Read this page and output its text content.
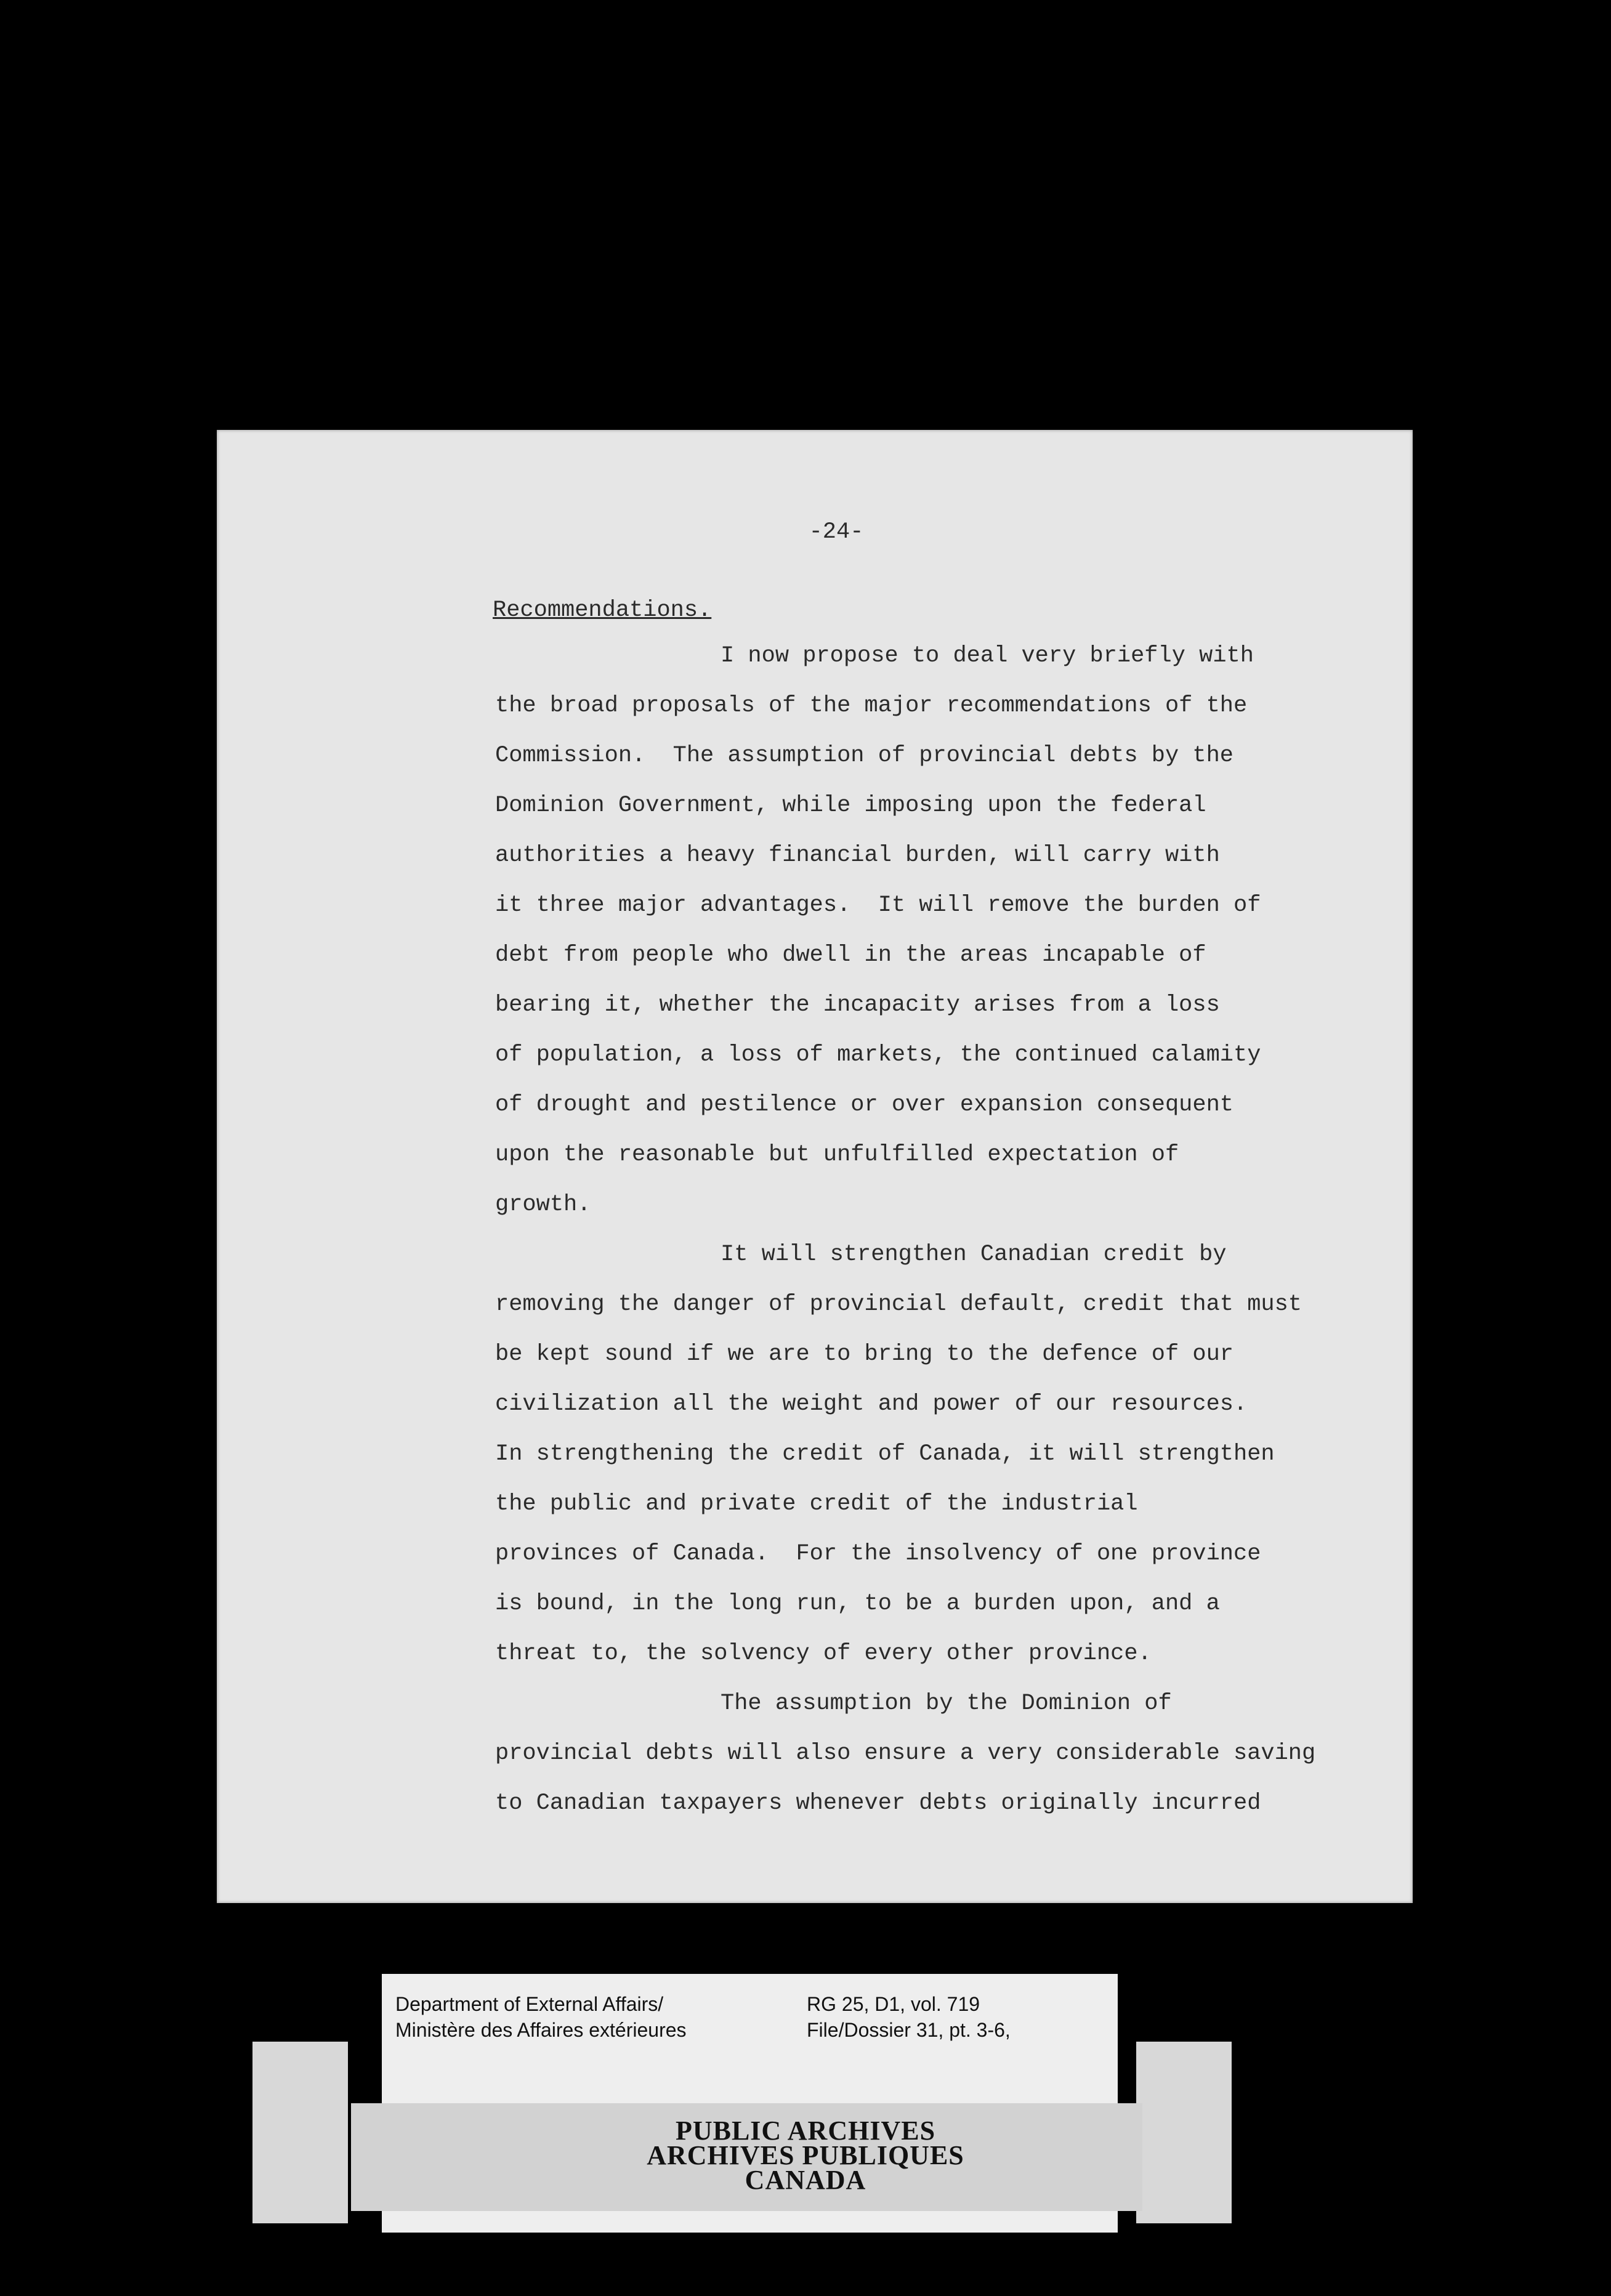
-24-
Recommendations.
I now propose to deal very briefly with
the broad proposals of the major recommendations of the
Commission.  The assumption of provincial debts by the
Dominion Government, while imposing upon the federal
authorities a heavy financial burden, will carry with
it three major advantages.  It will remove the burden of
debt from people who dwell in the areas incapable of
bearing it, whether the incapacity arises from a loss
of population, a loss of markets, the continued calamity
of drought and pestilence or over expansion consequent
upon the reasonable but unfulfilled expectation of
growth.
It will strengthen Canadian credit by
removing the danger of provincial default, credit that must
be kept sound if we are to bring to the defence of our
civilization all the weight and power of our resources.
In strengthening the credit of Canada, it will strengthen
the public and private credit of the industrial
provinces of Canada.  For the insolvency of one province
is bound, in the long run, to be a burden upon, and a
threat to, the solvency of every other province.
The assumption by the Dominion of
provincial debts will also ensure a very considerable saving
to Canadian taxpayers whenever debts originally incurred
Department of External Affairs/
Ministère des Affaires extérieures
RG 25, D1, vol. 719
File/Dossier 31, pt. 3-6,
PUBLIC ARCHIVES
ARCHIVES PUBLIQUES
CANADA
